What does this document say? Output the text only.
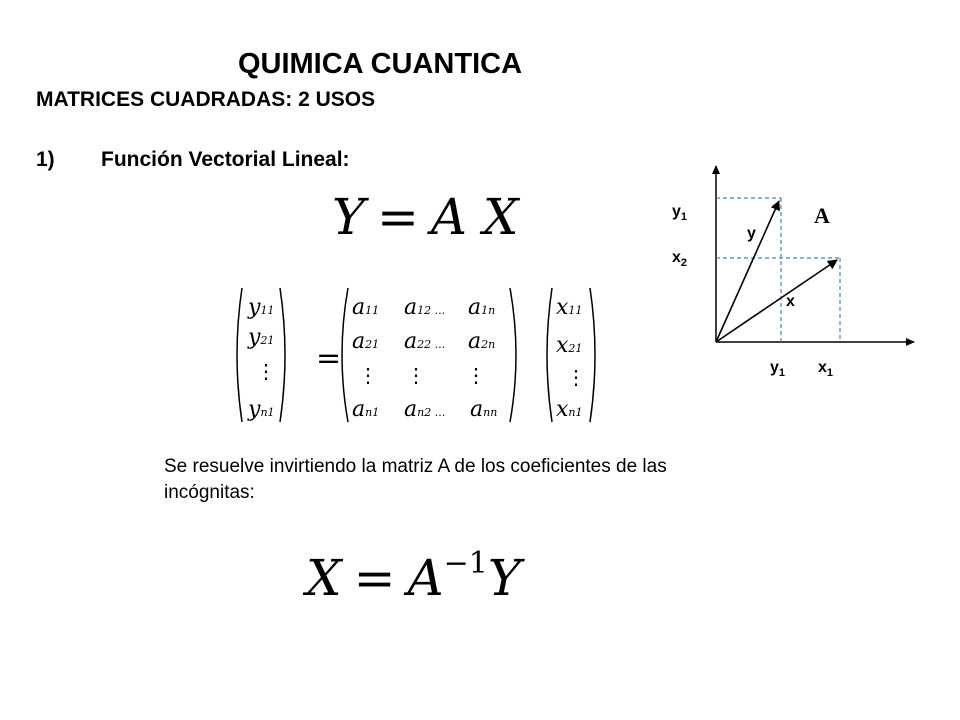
QUIMICA CUANTICA
MATRICES CUADRADAS: 2 USOS
1) Función Vectorial Lineal:
Y = A X
y11
y21
⋮
yn1
=
a11 a12 ... a1n
a21 a22 ... a2n
⋮ ⋮ ⋮
an1 an2 ... ann
x11
x21
⋮
xn1
$y_1$
$x_2$
$y_1$ $x_1$
y
x
A
Se resuelve invirtiendo la matriz A de los coeficientes de las incógnitas:
$X = A^{-1}Y$
